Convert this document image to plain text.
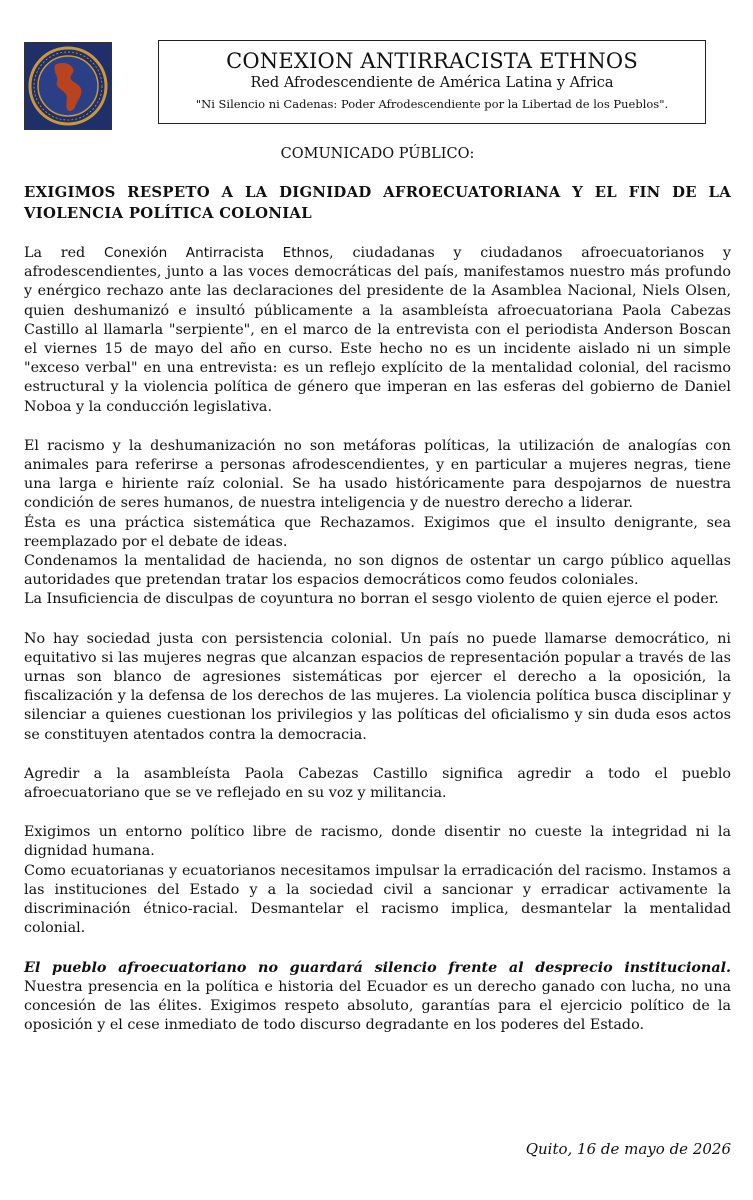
CONEXION ANTIRRACISTA ETHNOS
Red Afrodescendiente de América Latina y Africa
"Ni Silencio ni Cadenas: Poder Afrodescendiente por la Libertad de los Pueblos".
COMUNICADO PÚBLICO:
EXIGIMOS RESPETO A LA DIGNIDAD AFROECUATORIANA Y EL FIN DE LA VIOLENCIA POLÍTICA COLONIAL

La red Conexión Antirracista Ethnos, ciudadanas y ciudadanos afroecuatorianos y afrodescendientes, junto a las voces democráticas del país, manifestamos nuestro más profundo y enérgico rechazo ante las declaraciones del presidente de la Asamblea Nacional, Niels Olsen, quien deshumanizó e insultó públicamente a la asambleísta afroecuatoriana Paola Cabezas Castillo al llamarla "serpiente", en el marco de la entrevista con el periodista Anderson Boscan el viernes 15 de mayo del año en curso. Este hecho no es un incidente aislado ni un simple "exceso verbal" en una entrevista: es un reflejo explícito de la mentalidad colonial, del racismo estructural y la violencia política de género que imperan en las esferas del gobierno de Daniel Noboa y la conducción legislativa.

El racismo y la deshumanización no son metáforas políticas, la utilización de analogías con animales para referirse a personas afrodescendientes, y en particular a mujeres negras, tiene una larga e hiriente raíz colonial. Se ha usado históricamente para despojarnos de nuestra condición de seres humanos, de nuestra inteligencia y de nuestro derecho a liderar.

Ésta es una práctica sistemática que Rechazamos. Exigimos que el insulto denigrante, sea reemplazado por el debate de ideas.

Condenamos la mentalidad de hacienda, no son dignos de ostentar un cargo público aquellas autoridades que pretendan tratar los espacios democráticos como feudos coloniales.

La Insuficiencia de disculpas de coyuntura no borran el sesgo violento de quien ejerce el poder.

No hay sociedad justa con persistencia colonial. Un país no puede llamarse democrático, ni equitativo si las mujeres negras que alcanzan espacios de representación popular a través de las urnas son blanco de agresiones sistemáticas por ejercer el derecho a la oposición, la fiscalización y la defensa de los derechos de las mujeres. La violencia política busca disciplinar y silenciar a quienes cuestionan los privilegios y las políticas del oficialismo y sin duda esos actos se constituyen atentados contra la democracia.

Agredir a la asambleísta Paola Cabezas Castillo significa agredir a todo el pueblo afroecuatoriano que se ve reflejado en su voz y militancia.

Exigimos un entorno político libre de racismo, donde disentir no cueste la integridad ni la dignidad humana.

Como ecuatorianas y ecuatorianos necesitamos impulsar la erradicación del racismo. Instamos a las instituciones del Estado y a la sociedad civil a sancionar y erradicar activamente la discriminación étnico-racial. Desmantelar el racismo implica, desmantelar la mentalidad colonial.

El pueblo afroecuatoriano no guardará silencio frente al desprecio institucional. Nuestra presencia en la política e historia del Ecuador es un derecho ganado con lucha, no una concesión de las élites. Exigimos respeto absoluto, garantías para el ejercicio político de la oposición y el cese inmediato de todo discurso degradante en los poderes del Estado.

Quito, 16 de mayo de 2026
